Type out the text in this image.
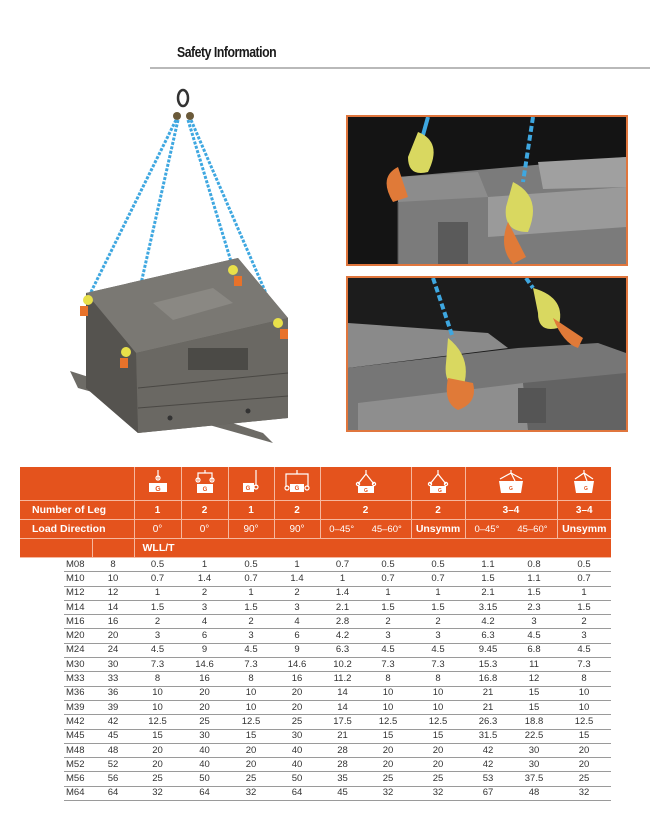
Safety Information

G	G	G	G	G	G	G	G

Number of Leg		1	2	1	2	2	2	3–4	3–4
Load Direction		0°	0°	90°	90°	0–45° 45–60°	Unsymm	0–45° 45–60°	Unsymm
		WLL/T							
	M08	8	0.5	1	0.5	1	0.7	0.5	0.5	1.1	0.8	0.5
	M10	10	0.7	1.4	0.7	1.4	1	0.7	0.7	1.5	1.1	0.7
	M12	12	1	2	1	2	1.4	1	1	2.1	1.5	1
	M14	14	1.5	3	1.5	3	2.1	1.5	1.5	3.15	2.3	1.5
	M16	16	2	4	2	4	2.8	2	2	4.2	3	2
	M20	20	3	6	3	6	4.2	3	3	6.3	4.5	3
	M24	24	4.5	9	4.5	9	6.3	4.5	4.5	9.45	6.8	4.5
	M30	30	7.3	14.6	7.3	14.6	10.2	7.3	7.3	15.3	11	7.3
	M33	33	8	16	8	16	11.2	8	8	16.8	12	8
	M36	36	10	20	10	20	14	10	10	21	15	10
	M39	39	10	20	10	20	14	10	10	21	15	10
	M42	42	12.5	25	12.5	25	17.5	12.5	12.5	26.3	18.8	12.5
	M45	45	15	30	15	30	21	15	15	31.5	22.5	15
	M48	48	20	40	20	40	28	20	20	42	30	20
	M52	52	20	40	20	40	28	20	20	42	30	20
	M56	56	25	50	25	50	35	25	25	53	37.5	25
	M64	64	32	64	32	64	45	32	32	67	48	32
